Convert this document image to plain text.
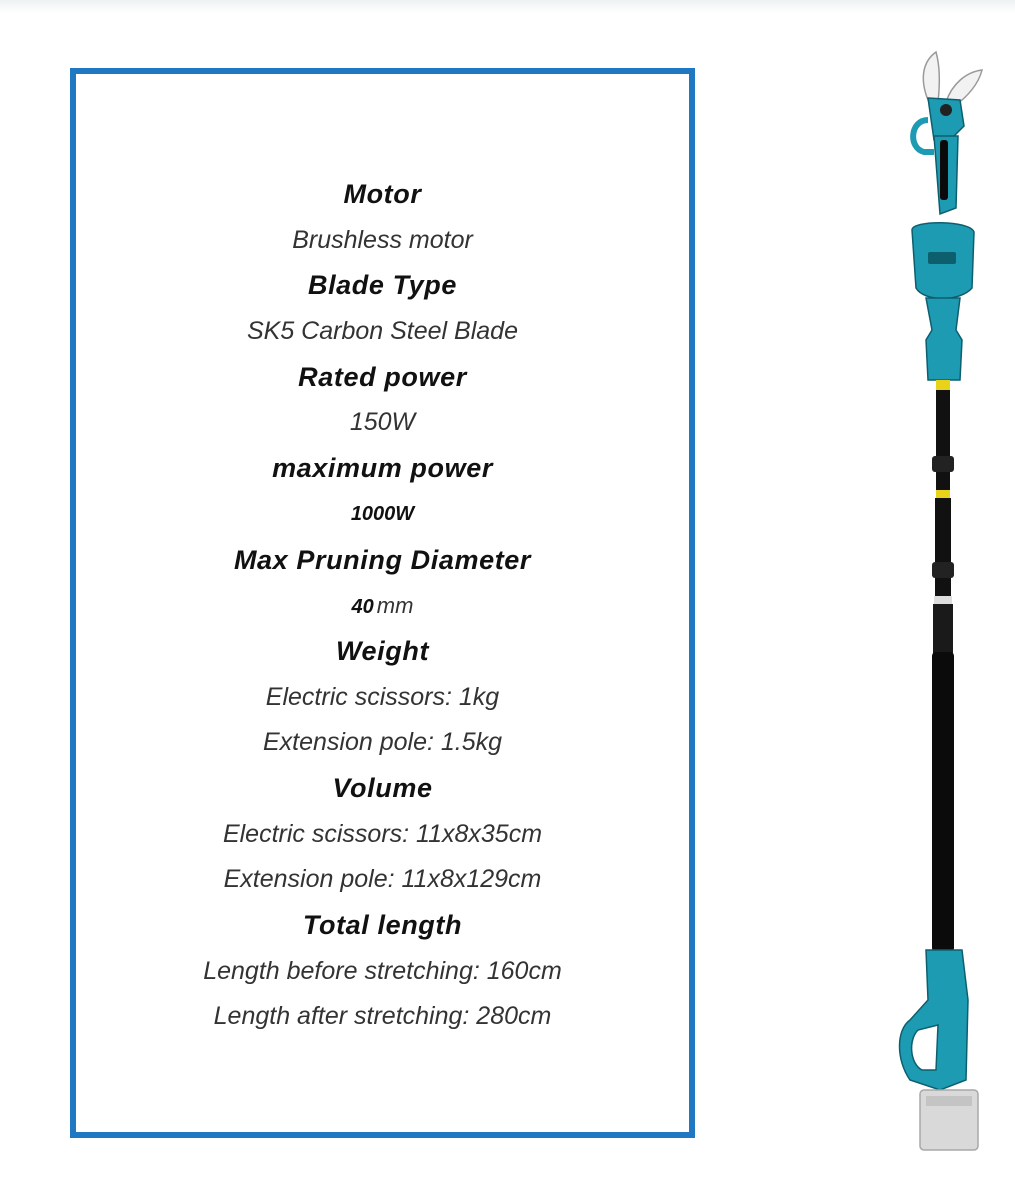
Motor
Brushless motor
Blade Type
SK5 Carbon Steel Blade
Rated power
150W
maximum power
1000W
Max Pruning Diameter
40 mm
Weight
Electric scissors: 1kg
Extension pole: 1.5kg
Volume
Electric scissors: 11x8x35cm
Extension pole: 11x8x129cm
Total length
Length before stretching: 160cm
Length after stretching: 280cm
